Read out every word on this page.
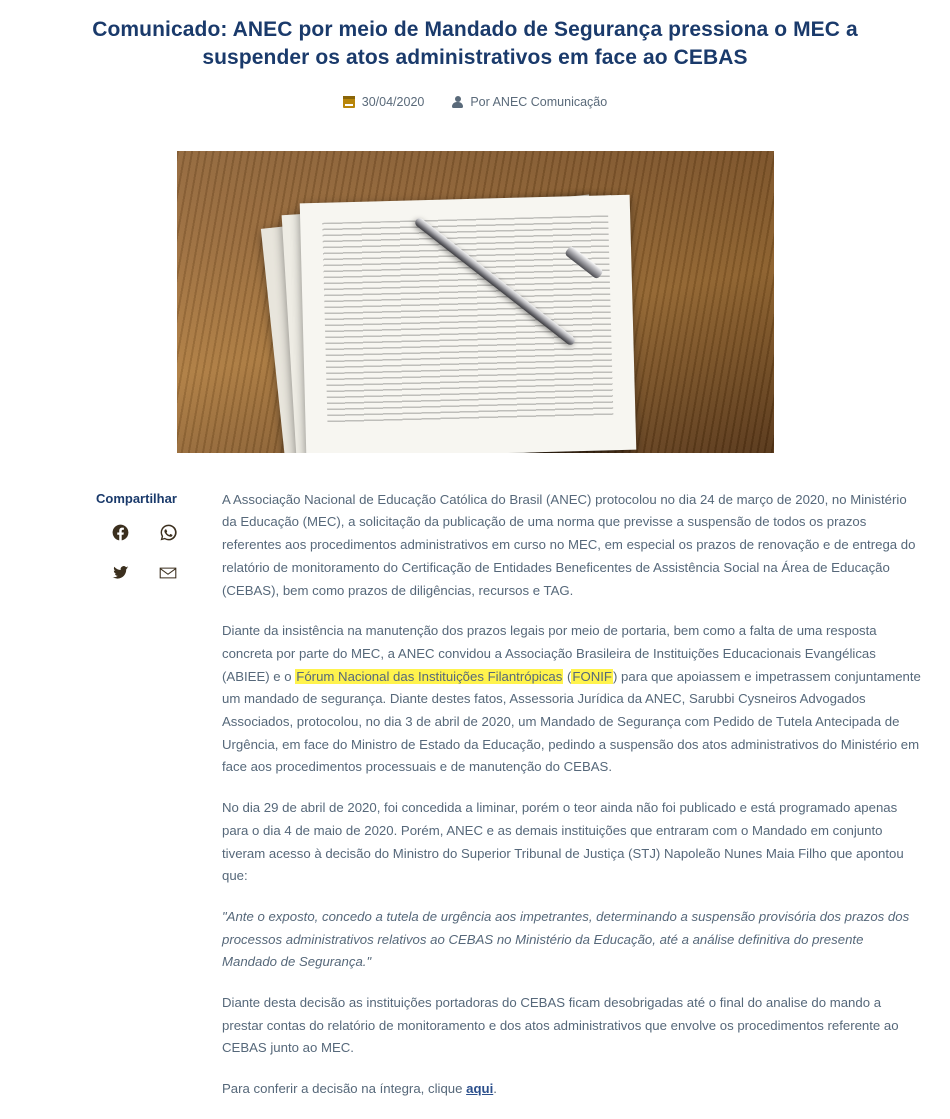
Comunicado: ANEC por meio de Mandado de Segurança pressiona o MEC a suspender os atos administrativos em face ao CEBAS
30/04/2020	Por ANEC Comunicação
Compartilhar	A Associação Nacional de Educação Católica do Brasil (ANEC) protocolou no dia 24 de março de 2020, no Ministério da Educação (MEC), a solicitação da publicação de uma norma que previsse a suspensão de todos os prazos referentes aos procedimentos administrativos em curso no MEC, em especial os prazos de renovação e de entrega do relatório de monitoramento do Certificação de Entidades Beneficentes de Assistência Social na Área de Educação (CEBAS), bem como prazos de diligências, recursos e TAG.

Diante da insistência na manutenção dos prazos legais por meio de portaria, bem como a falta de uma resposta concreta por parte do MEC, a ANEC convidou a Associação Brasileira de Instituições Educacionais Evangélicas (ABIEE) e o Fórum Nacional das Instituições Filantrópicas (FONIF) para que apoiassem e impetrassem conjuntamente um mandado de segurança. Diante destes fatos, Assessoria Jurídica da ANEC, Sarubbi Cysneiros Advogados Associados, protocolou, no dia 3 de abril de 2020, um Mandado de Segurança com Pedido de Tutela Antecipada de Urgência, em face do Ministro de Estado da Educação, pedindo a suspensão dos atos administrativos do Ministério em face aos procedimentos processuais e de manutenção do CEBAS.

No dia 29 de abril de 2020, foi concedida a liminar, porém o teor ainda não foi publicado e está programado apenas para o dia 4 de maio de 2020. Porém, ANEC e as demais instituições que entraram com o Mandado em conjunto tiveram acesso à decisão do Ministro do Superior Tribunal de Justiça (STJ) Napoleão Nunes Maia Filho que apontou que:

"Ante o exposto, concedo a tutela de urgência aos impetrantes, determinando a suspensão provisória dos prazos dos processos administrativos relativos ao CEBAS no Ministério da Educação, até a análise definitiva do presente Mandado de Segurança."

Diante desta decisão as instituições portadoras do CEBAS ficam desobrigadas até o final do analise do mando a prestar contas do relatório de monitoramento e dos atos administrativos que envolve os procedimentos referente ao CEBAS junto ao MEC.

Para conferir a decisão na íntegra, clique aqui.
